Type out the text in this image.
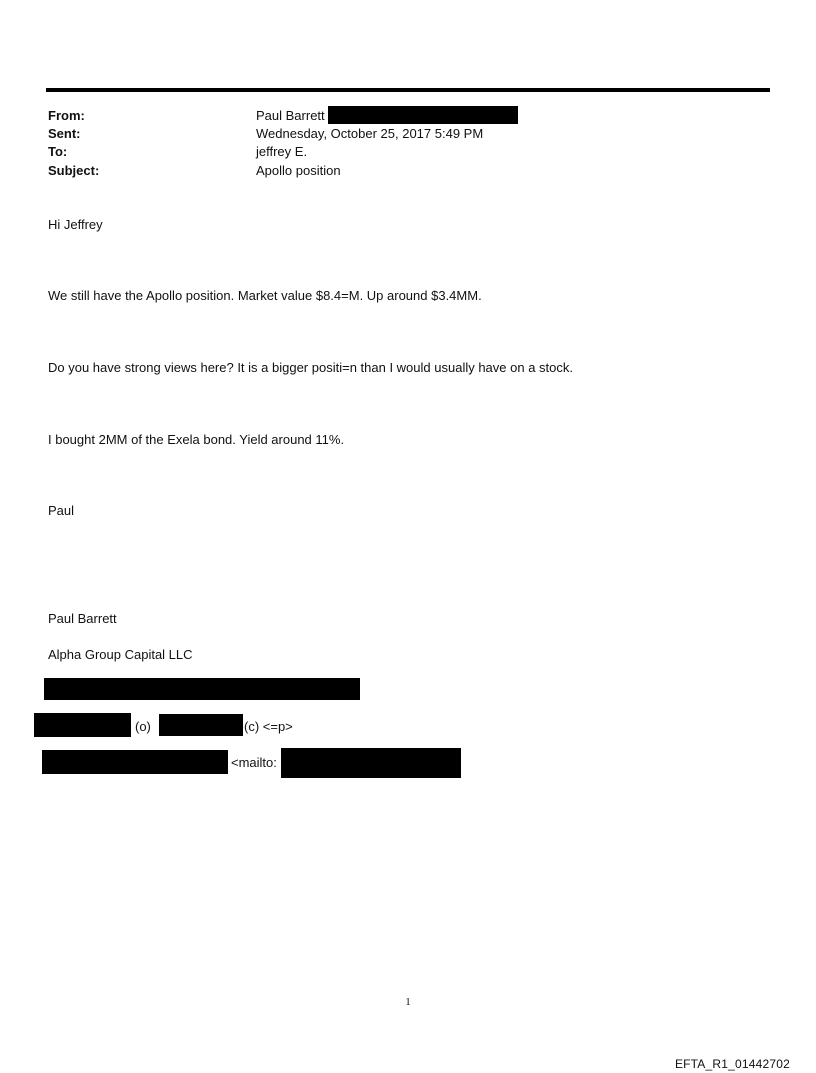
From:
Sent:
To:
Subject:
Paul Barrett
Wednesday, October 25, 2017 5:49 PM
jeffrey E.
Apollo position
Hi Jeffrey
We still have the Apollo position. Market value $8.4=M. Up around $3.4MM.
Do you have strong views here? It is a bigger positi=n than I would usually have on a stock.
I bought 2MM of the Exela bond. Yield around 11%.
Paul
Paul Barrett
Alpha Group Capital LLC
(o)	(c) <=p>
<mailto:
1
EFTA_R1_01442702
